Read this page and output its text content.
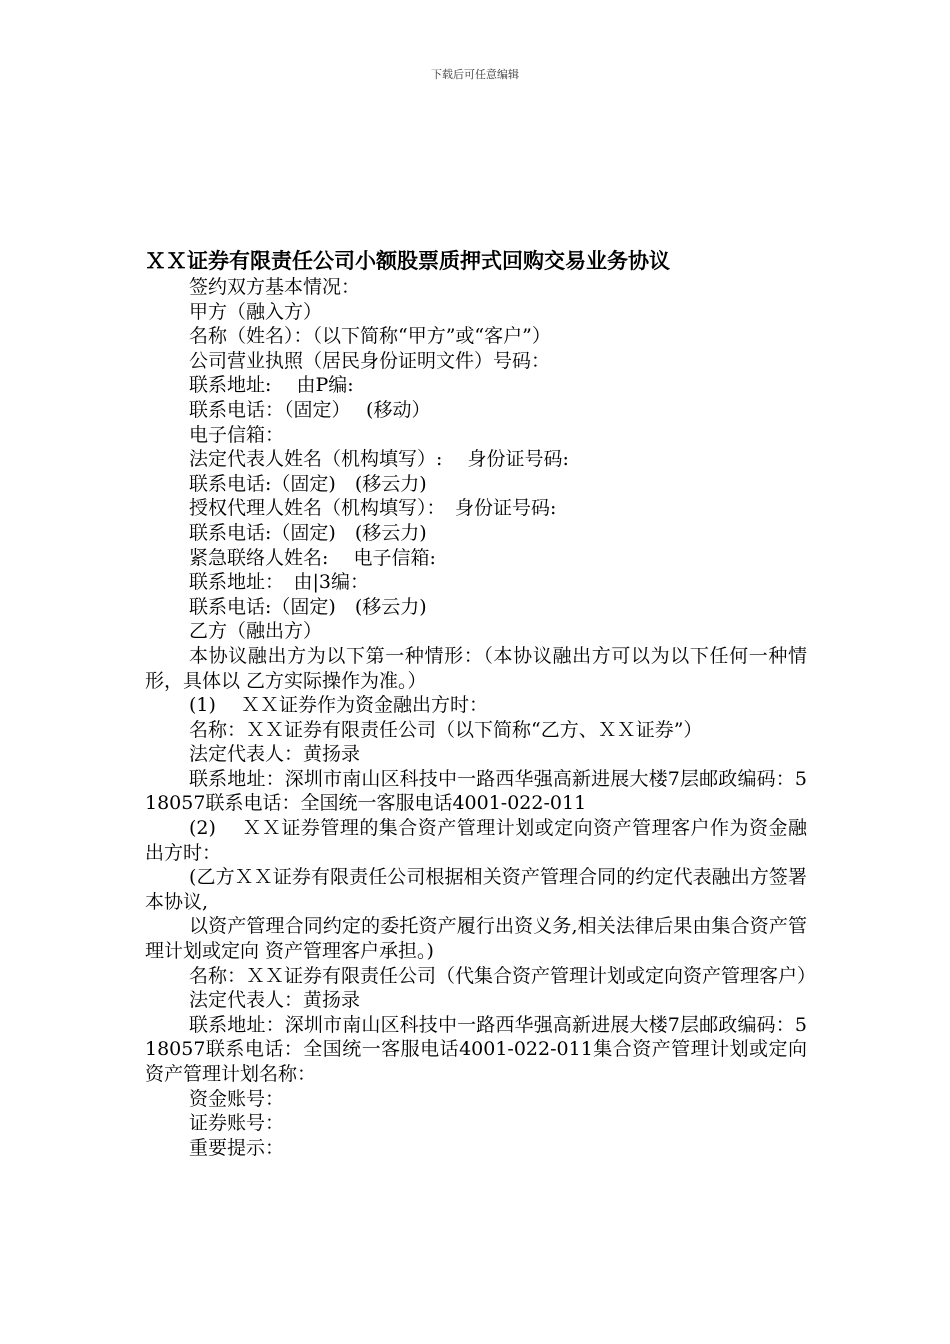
下载后可任意编辑
ＸＸ证券有限责任公司小额股票质押式回购交易业务协议

签约双方基本情况：

甲方（融入方）

名称（姓名）：（以下简称“甲方”或“客户”）

公司营业执照（居民身份证明文件）号码：

联系地址:　 由P编:

联系电话：（固定）　 (移动）

电子信箱：

法定代表人姓名（机构填写）:　 身份证号码:

联系电话:（固定)　(移云力)

授权代理人姓名（机构填写）：　身份证号码:

联系电话:（固定)　(移云力)

紧急联络人姓名:　 电子信箱:

联系地址：　由|3编：

联系电话:（固定)　(移云力)

乙方（融出方）

本协议融出方为以下第一种情形：（本协议融出方可以为以下任何一种情形，具体以 乙方实际操作为准。）

(1)　 ＸＸ证券作为资金融出方时：

名称：ＸＸ证券有限责任公司（以下简称“乙方、ＸＸ证券”）

法定代表人：黄扬录

联系地址：深圳市南山区科技中一路西华强高新进展大楼7层邮政编码：518057联系电话：全国统一客服电话4001-022-011

(2)　 ＸＸ证券管理的集合资产管理计划或定向资产管理客户作为资金融出方时：

(乙方ＸＸ证券有限责任公司根据相关资产管理合同的约定代表融出方签署本协议,

以资产管理合同约定的委托资产履行出资义务,相关法律后果由集合资产管理计划或定向 资产管理客户承担。)

名称：ＸＸ证券有限责任公司（代集合资产管理计划或定向资产管理客户）

法定代表人：黄扬录

联系地址：深圳市南山区科技中一路西华强高新进展大楼7层邮政编码：518057联系电话：全国统一客服电话4001-022-011集合资产管理计划或定向资产管理计划名称：

资金账号：

证券账号：

重要提示：
